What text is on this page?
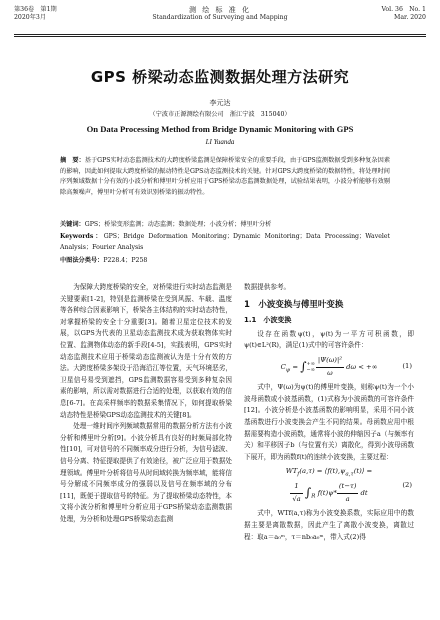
第36卷　第1期
2020年3月
测 绘 标 准 化
Standardization of Surveying and Mapping
Vol. 36　No. 1
Mar. 2020
GPS 桥梁动态监测数据处理方法研究
李元达
（宁波市正源测绘有限公司　浙江宁波　315040）
On Data Processing Method from Bridge Dynamic Monitoring with GPS
LI Yuanda
摘　要：基于GPS实时动态监测技术的大跨度桥梁监测是保障桥梁安全的重要手段，由于GPS监测数据受到多种复杂因素的影响，因此如何提取大跨度桥梁的振动特性是GPS动态监测技术的关键。针对GPS大跨度桥梁的数据特性，将处理时间序列频域数据十分有效的小波分析和傅里叶分析应用于GPS桥梁动态监测数据处理，试验结果表明，小波分析能够有效剔除高频噪声，傅里叶分析可有效识别桥梁的振动特性。
关键词：GPS；桥梁变形监测；动态监测；数据处理；小波分析；傅里叶分析
Keywords：GPS；Bridge Deformation Monitoring；Dynamic Monitoring；Data Processing；Wavelet Analysis；Fourier Analysis
中图法分类号：P228.4；P258

为保障大跨度桥梁的安全，对桥梁进行实时动态监测是关键要素[1-2]，特别是监测桥梁在受到风振、车载、温度等各种综合因素影响下，桥梁各主体结构的实时动态特性，对掌握桥梁的安全十分重要[3]。随着卫星定位技术的发展，以GPS为代表的卫星动态监测技术成为获取物体实时位置、监测物体动态的新手段[4-5]，实践表明，GPS实时动态监测技术应用于桥梁动态监测被认为是十分有效的方法。大跨度桥梁多架设于沿海沿江等位置，天气环境恶劣，卫星信号易受到遮挡，GPS监测数据容易受到多种复杂因素的影响，所以需对数据进行合适的处理，以获取有效的信息[6-7]。在高采样频率的数据采集情况下，如何提取桥梁动态特性是桥梁GPS动态监测技术的关键[8]。

处理一维时间序列频域数据常用的数据分析方法有小波分析和傅里叶分析[9]。小波分析具有良好的时频局部化特性[10]，可对信号的不同频率成分进行分析，为信号滤波、信号分离、特征提取提供了有效途径，被广泛应用于数据处理领域。傅里叶分析将信号从时间域转换为频率域，能将信号分解成不同频率成分的强弱以及信号在频率域的分布[11]，既便于提取信号的特征。为了提取桥梁动态特性，本文将小波分析和傅里叶分析应用于GPS桥梁动态监测数据处理，为分析和处理GPS桥梁动态监测

数据提供参考。

1　小波变换与傅里叶变换
1.1　小波变换

设存在函数ψ(t)，ψ(t)为一平方可积函数，即ψ(t)∈L²(R)，满足(1)式中的可容许条件：

$C_\psi$ = ∫+∞
−∞ $\frac{\text{|Ψ(ω)|²}}{\omega}$ dω < +∞	(1)

式中，Ψ(ω)为ψ(t)的傅里叶变换，则称ψ(t)为一个小波母函数或小波基函数，(1)式称为小波函数的可容许条件[12]。小波分析是小波基函数的影响明显，采用不同小波基函数进行小波变换会产生不同的结果。母函数应用中根据需要构造小波函数，通常将小波的伸缩因子a（与频率有关）和平移因子b（与位置有关）离散化，得到小波母函数下展开，即为函数f(t)的连续小波变换，主要过程：

$WT_f(a,\tau)$ = $⟨f(t),\psi_{a,\tau}(t)⟩$ =
$\frac{1}{√a} \int_R$ $f(t)\psi* \frac{(t-\tau)}{a}$ dt
(2)

式中，WTf(a,τ)称为小波变换系数，实际应用中的数据主要是离散数据，因此产生了离散小波变换，离散过程：取a＝a₀ᵐ，τ＝nb₀a₀ᵐ，带入式(2)得
